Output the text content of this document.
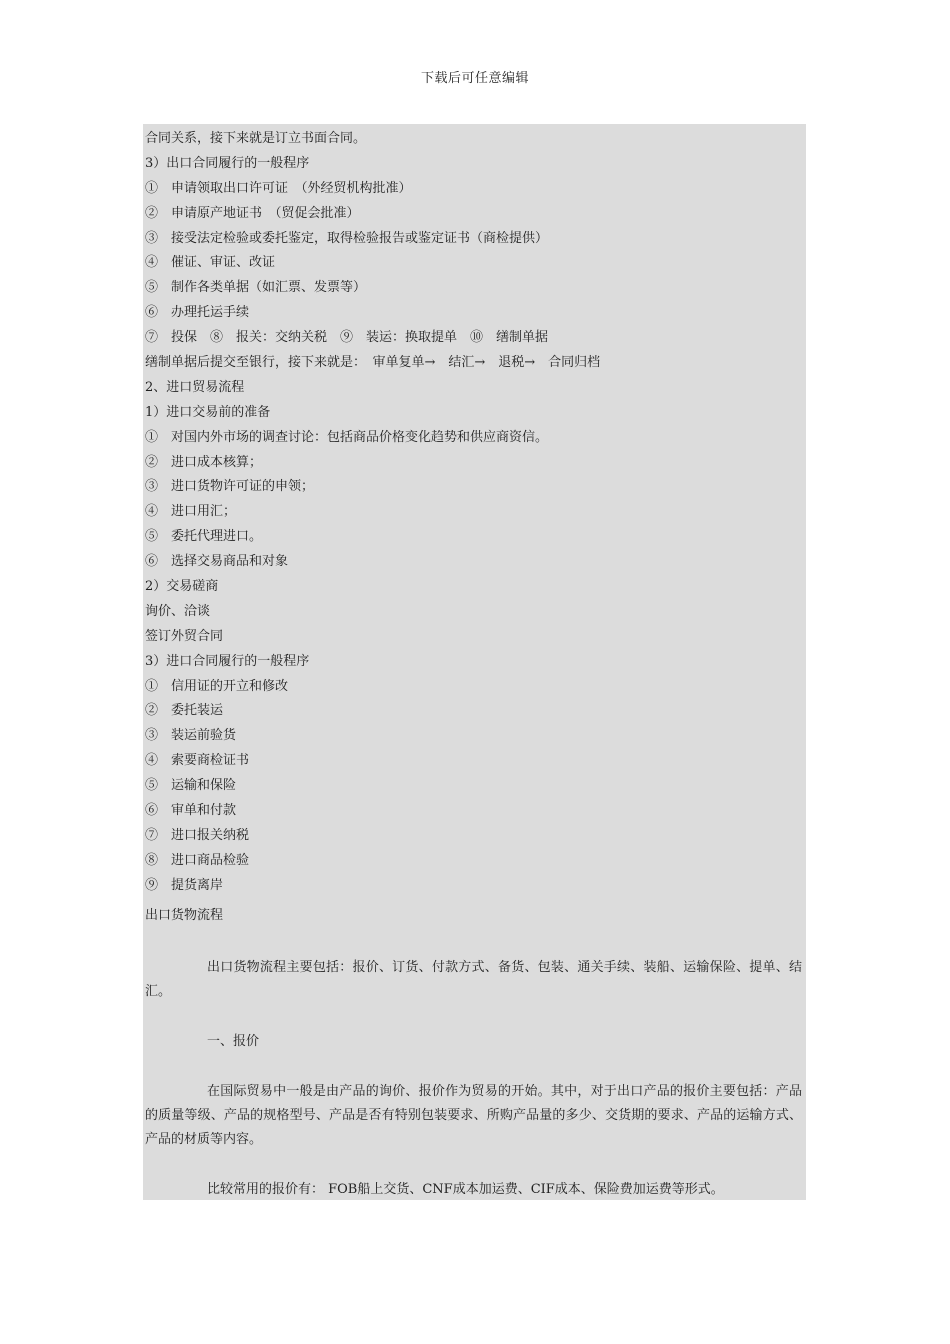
下载后可任意编辑
合同关系，接下来就是订立书面合同。
3）出口合同履行的一般程序
①　申请领取出口许可证　（外经贸机构批准）
②　申请原产地证书　（贸促会批准）
③　接受法定检验或委托鉴定，取得检验报告或鉴定证书（商检提供）
④　催证、审证、改证
⑤　制作各类单据（如汇票、发票等）
⑥　办理托运手续
⑦　投保　⑧　报关：交纳关税　⑨　装运：换取提单　⑩　缮制单据
缮制单据后提交至银行，接下来就是：　审单复单→　结汇→　退税→　合同归档
2、进口贸易流程
1）进口交易前的准备
①　对国内外市场的调查讨论：包括商品价格变化趋势和供应商资信。
②　进口成本核算；
③　进口货物许可证的申领；
④　进口用汇；
⑤　委托代理进口。
⑥　选择交易商品和对象
2）交易磋商
询价、洽谈
签订外贸合同
3）进口合同履行的一般程序
①　信用证的开立和修改
②　委托装运
③　装运前验货
④　索要商检证书
⑤　运输和保险
⑥　审单和付款
⑦　进口报关纳税
⑧　进口商品检验
⑨　提货离岸
出口货物流程

出口货物流程主要包括：报价、订货、付款方式、备货、包装、通关手续、装船、运输保险、提单、结汇。

一、报价

在国际贸易中一般是由产品的询价、报价作为贸易的开始。其中，对于出口产品的报价主要包括：产品的质量等级、产品的规格型号、产品是否有特别包装要求、所购产品量的多少、交货期的要求、产品的运输方式、产品的材质等内容。

比较常用的报价有： FOB船上交货、CNF成本加运费、CIF成本、保险费加运费等形式。
